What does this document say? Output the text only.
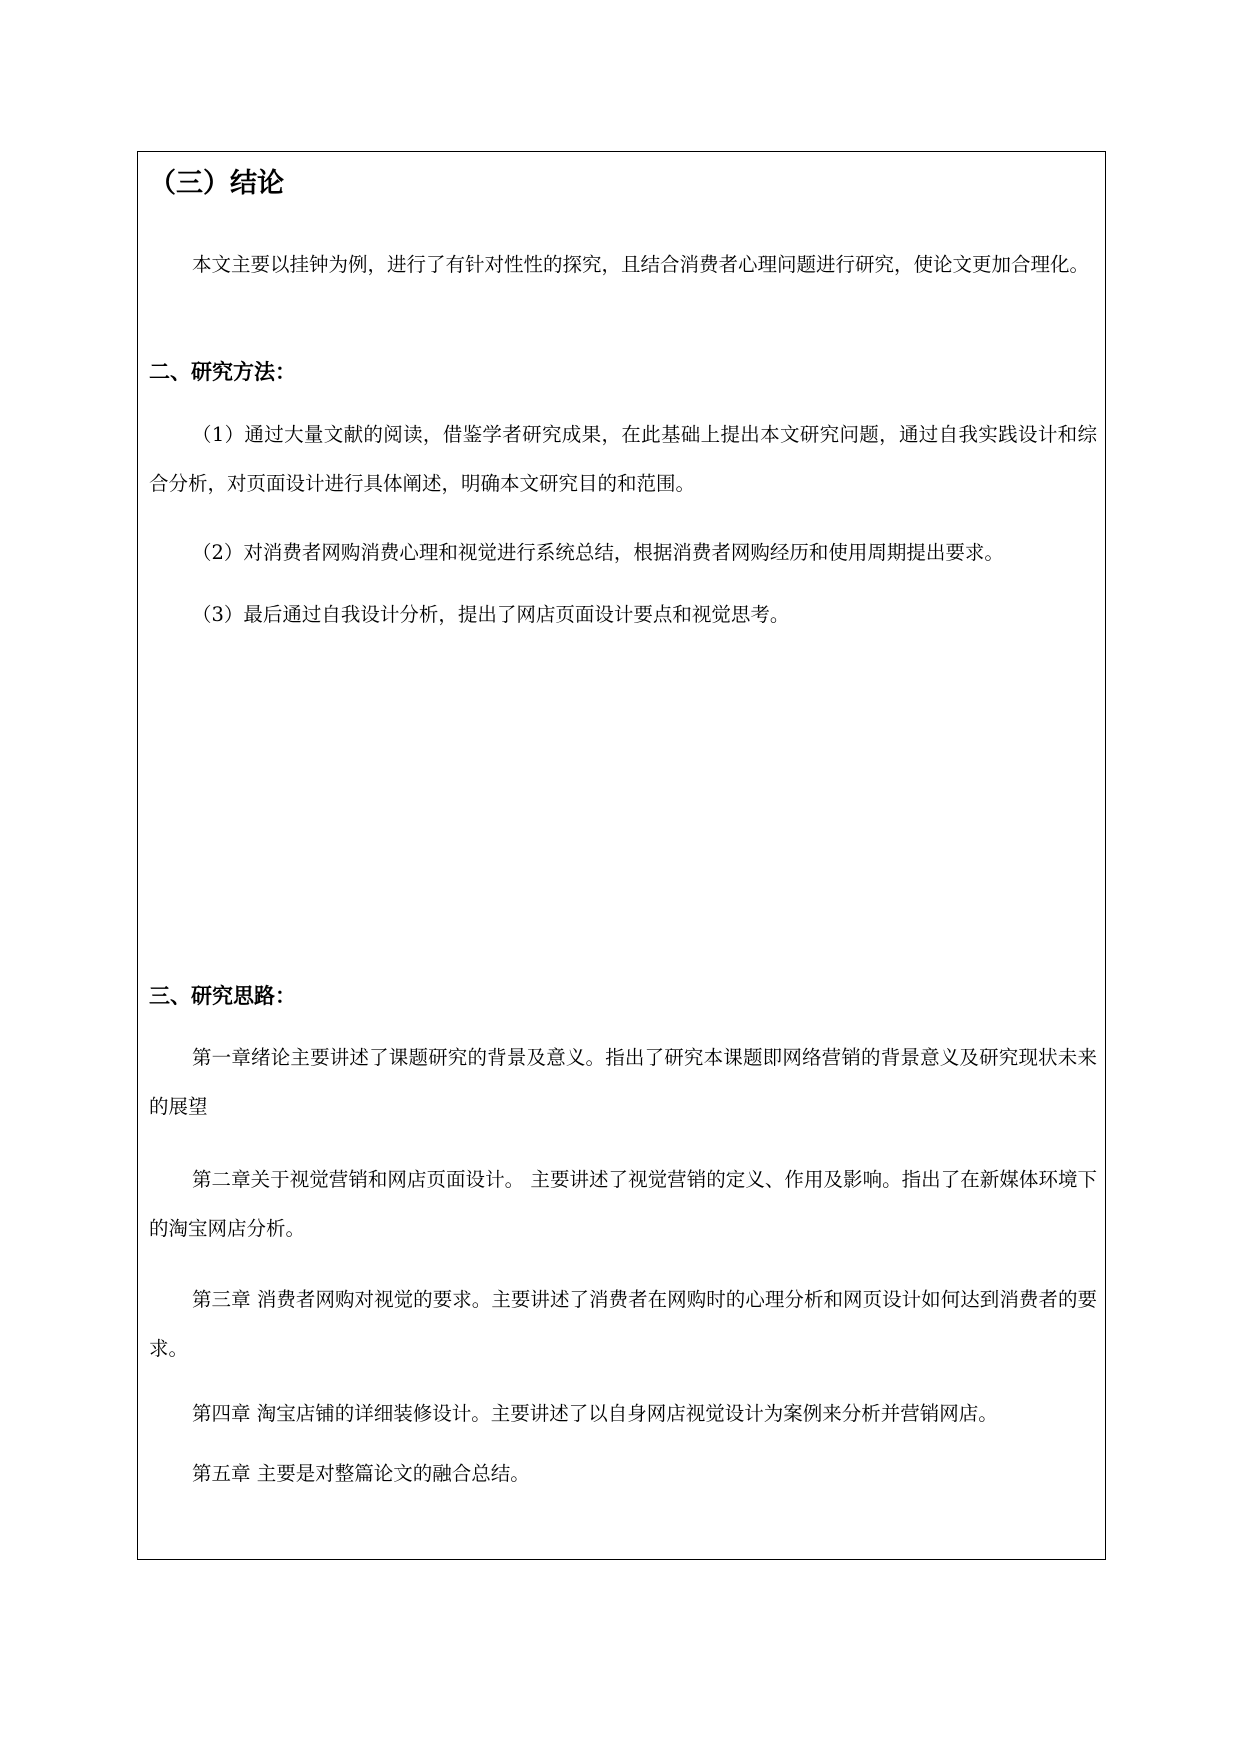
（三）结论

本文主要以挂钟为例，进行了有针对性性的探究，且结合消费者心理问题进行研究，使论文更加合理化。

二、研究方法：

（1）通过大量文献的阅读，借鉴学者研究成果，在此基础上提出本文研究问题，通过自我实践设计和综合分析，对页面设计进行具体阐述，明确本文研究目的和范围。

（2）对消费者网购消费心理和视觉进行系统总结，根据消费者网购经历和使用周期提出要求。

（3）最后通过自我设计分析，提出了网店页面设计要点和视觉思考。

三、研究思路：

第一章绪论主要讲述了课题研究的背景及意义。指出了研究本课题即网络营销的背景意义及研究现状未来的展望

第二章关于视觉营销和网店页面设计。 主要讲述了视觉营销的定义、作用及影响。指出了在新媒体环境下的淘宝网店分析。

第三章 消费者网购对视觉的要求。主要讲述了消费者在网购时的心理分析和网页设计如何达到消费者的要求。

第四章 淘宝店铺的详细装修设计。主要讲述了以自身网店视觉设计为案例来分析并营销网店。

第五章 主要是对整篇论文的融合总结。
